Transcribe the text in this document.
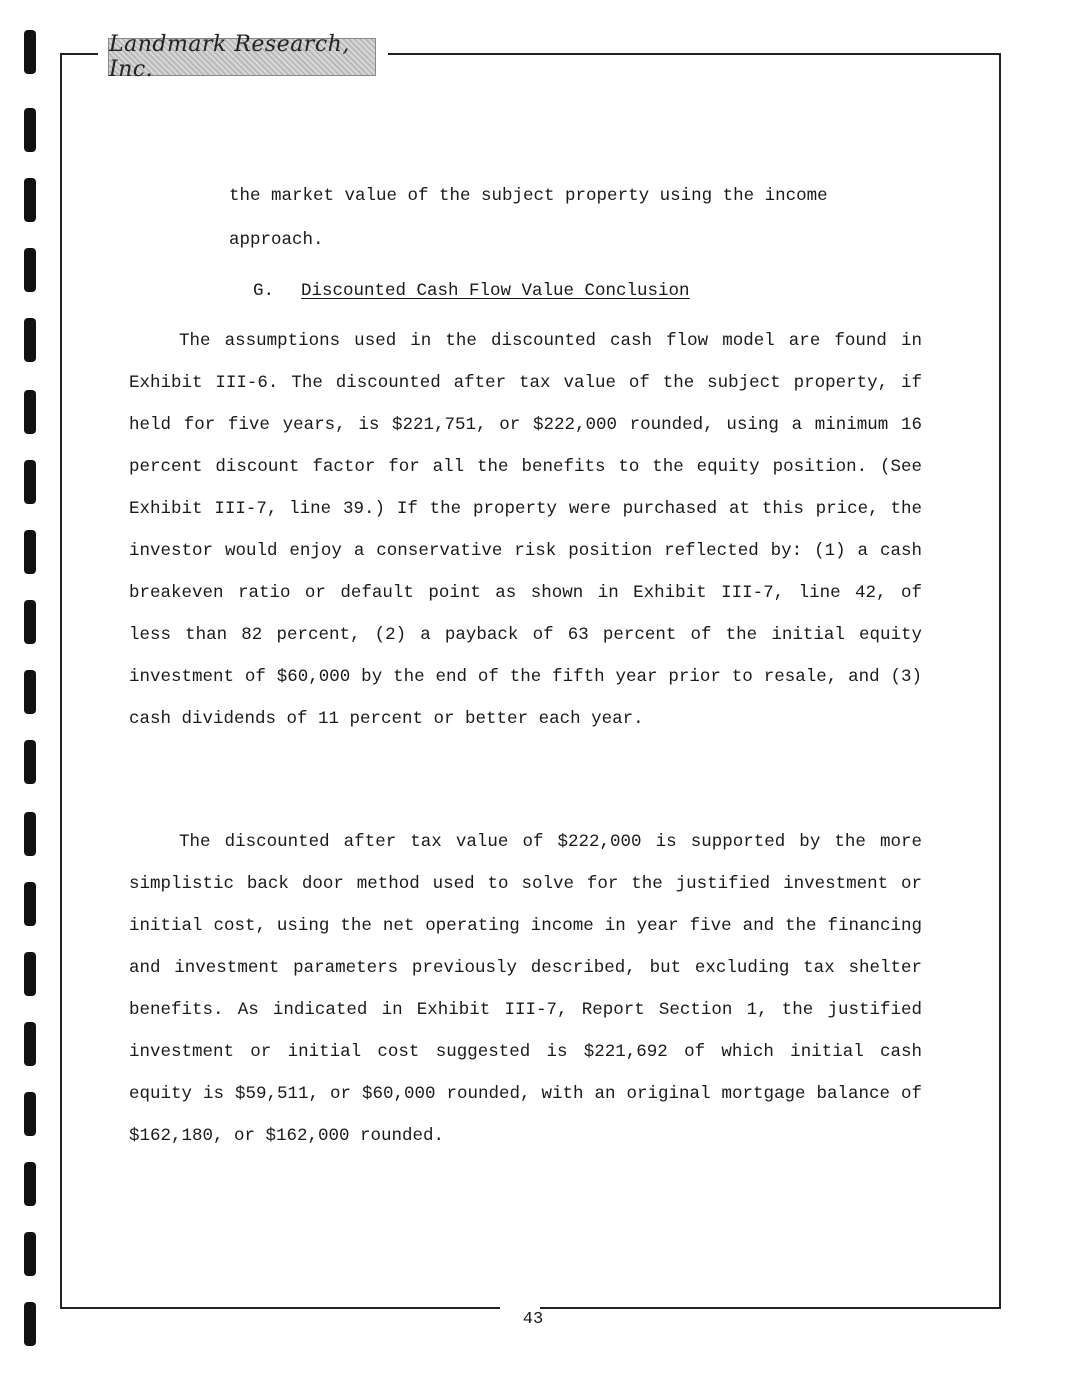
Landmark Research, Inc.
the market value of the subject property using the income approach.
G. Discounted Cash Flow Value Conclusion
The assumptions used in the discounted cash flow model are found in Exhibit III-6. The discounted after tax value of the subject property, if held for five years, is $221,751, or $222,000 rounded, using a minimum 16 percent discount factor for all the benefits to the equity position. (See Exhibit III-7, line 39.) If the property were purchased at this price, the investor would enjoy a conservative risk position reflected by: (1) a cash breakeven ratio or default point as shown in Exhibit III-7, line 42, of less than 82 percent, (2) a payback of 63 percent of the initial equity investment of $60,000 by the end of the fifth year prior to resale, and (3) cash dividends of 11 percent or better each year.
The discounted after tax value of $222,000 is supported by the more simplistic back door method used to solve for the justified investment or initial cost, using the net operating income in year five and the financing and investment parameters previously described, but excluding tax shelter benefits. As indicated in Exhibit III-7, Report Section 1, the justified investment or initial cost suggested is $221,692 of which initial cash equity is $59,511, or $60,000 rounded, with an original mortgage balance of $162,180, or $162,000 rounded.
43
